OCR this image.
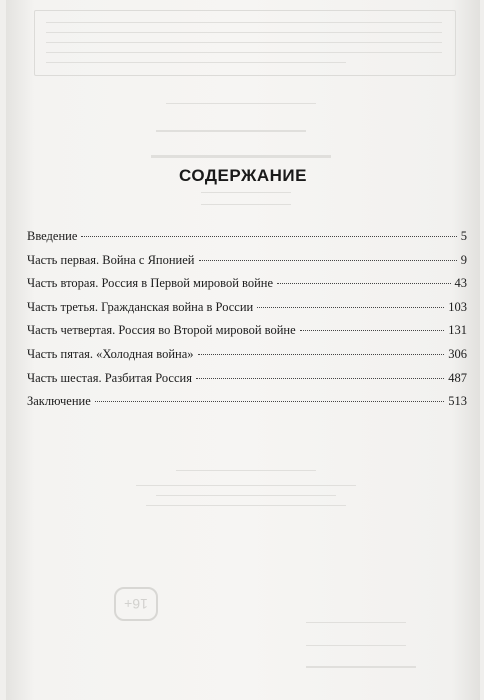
16+
СОДЕРЖАНИЕ
Введение	5
Часть первая. Война с Японией	9
Часть вторая. Россия в Первой мировой войне	43
Часть третья. Гражданская война в России	103
Часть четвертая. Россия во Второй мировой войне	131
Часть пятая. «Холодная война»	306
Часть шестая. Разбитая Россия	487
Заключение	513
